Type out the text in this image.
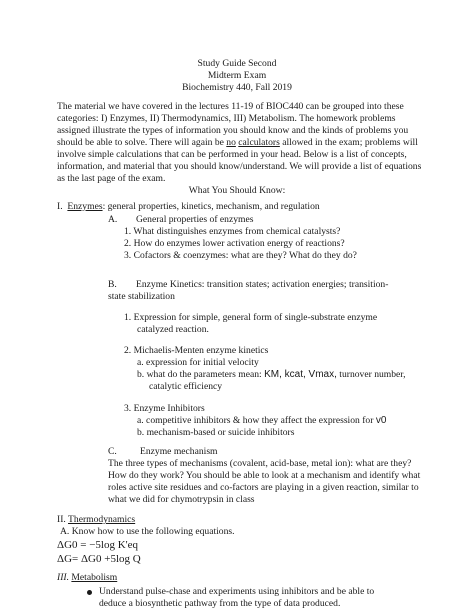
Study Guide Second
Midterm Exam
Biochemistry 440, Fall 2019
The material we have covered in the lectures 11-19 of BIOC440 can be grouped into these
categories: I) Enzymes, II) Thermodynamics, III) Metabolism. The homework problems
assigned illustrate the types of information you should know and the kinds of problems you
should be able to solve. There will again be no calculators allowed in the exam; problems will
involve simple calculations that can be performed in your head. Below is a list of concepts,
information, and material that you should know/understand. We will provide a list of equations
as the last page of the exam.
What You Should Know:
I. Enzymes: general properties, kinetics, mechanism, and regulation
A. General properties of enzymes
1. What distinguishes enzymes from chemical catalysts?
2. How do enzymes lower activation energy of reactions?
3. Cofactors & coenzymes: what are they? What do they do?
B. Enzyme Kinetics: transition states; activation energies; transition-
state stabilization
1. Expression for simple, general form of single-substrate enzyme
catalyzed reaction.
2. Michaelis-Menten enzyme kinetics
a. expression for initial velocity
b. what do the parameters mean: KM, kcat, Vmax, turnover number,
catalytic efficiency
3. Enzyme Inhibitors
a. competitive inhibitors & how they affect the expression for v0
b. mechanism-based or suicide inhibitors
C. Enzyme mechanism
The three types of mechanisms (covalent, acid-base, metal ion): what are they?
How do they work? You should be able to look at a mechanism and identify what
roles active site residues and co-factors are playing in a given reaction, similar to
what we did for chymotrypsin in class
II. Thermodynamics
A. Know how to use the following equations.
ΔG0 = −5log K'eq
ΔG= ΔG0 +5log Q
III. Metabolism
Understand pulse-chase and experiments using inhibitors and be able to
deduce a biosynthetic pathway from the type of data produced.
